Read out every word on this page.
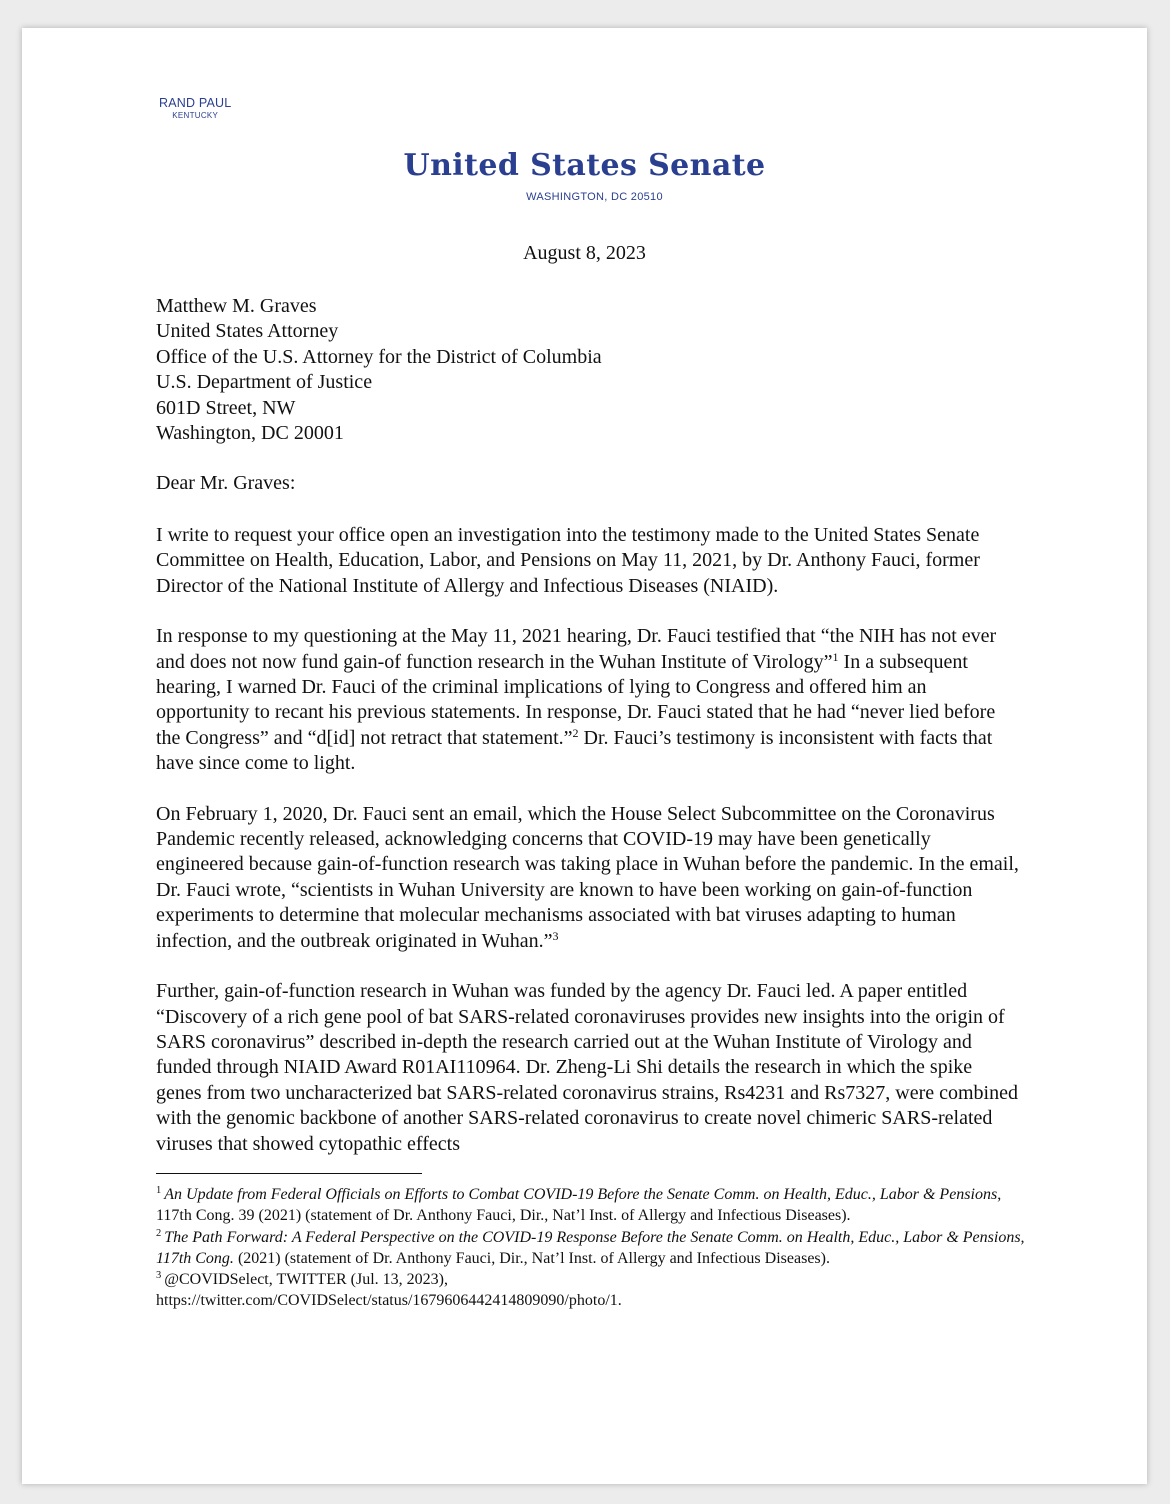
RAND PAUL
KENTUCKY
United States Senate
WASHINGTON, DC 20510
August 8, 2023
Matthew M. Graves
United States Attorney
Office of the U.S. Attorney for the District of Columbia
U.S. Department of Justice
601D Street, NW
Washington, DC 20001
Dear Mr. Graves:

I write to request your office open an investigation into the testimony made to the United States Senate Committee on Health, Education, Labor, and Pensions on May 11, 2021, by Dr. Anthony Fauci, former Director of the National Institute of Allergy and Infectious Diseases (NIAID).

In response to my questioning at the May 11, 2021 hearing, Dr. Fauci testified that “the NIH has not ever and does not now fund gain-of function research in the Wuhan Institute of Virology”$^1$ In a subsequent hearing, I warned Dr. Fauci of the criminal implications of lying to Congress and offered him an opportunity to recant his previous statements. In response, Dr. Fauci stated that he had “never lied before the Congress” and “d[id] not retract that statement.”$^2$ Dr. Fauci’s testimony is inconsistent with facts that have since come to light.

On February 1, 2020, Dr. Fauci sent an email, which the House Select Subcommittee on the Coronavirus Pandemic recently released, acknowledging concerns that COVID-19 may have been genetically engineered because gain-of-function research was taking place in Wuhan before the pandemic. In the email, Dr. Fauci wrote, “scientists in Wuhan University are known to have been working on gain-of-function experiments to determine that molecular mechanisms associated with bat viruses adapting to human infection, and the outbreak originated in Wuhan.”$^3$

Further, gain-of-function research in Wuhan was funded by the agency Dr. Fauci led. A paper entitled “Discovery of a rich gene pool of bat SARS-related coronaviruses provides new insights into the origin of SARS coronavirus” described in-depth the research carried out at the Wuhan Institute of Virology and funded through NIAID Award R01AI110964. Dr. Zheng-Li Shi details the research in which the spike genes from two uncharacterized bat SARS-related coronavirus strains, Rs4231 and Rs7327, were combined with the genomic backbone of another SARS-related coronavirus to create novel chimeric SARS-related viruses that showed cytopathic effects

$^1$ An Update from Federal Officials on Efforts to Combat COVID-19 Before the Senate Comm. on Health, Educ., Labor & Pensions, 117th Cong. 39 (2021) (statement of Dr. Anthony Fauci, Dir., Nat’l Inst. of Allergy and Infectious Diseases).

$^2$ The Path Forward: A Federal Perspective on the COVID-19 Response Before the Senate Comm. on Health, Educ., Labor & Pensions, 117th Cong. (2021) (statement of Dr. Anthony Fauci, Dir., Nat’l Inst. of Allergy and Infectious Diseases).

$^3$ @COVIDSelect, TWITTER (Jul. 13, 2023),
https://twitter.com/COVIDSelect/status/1679606442414809090/photo/1.
